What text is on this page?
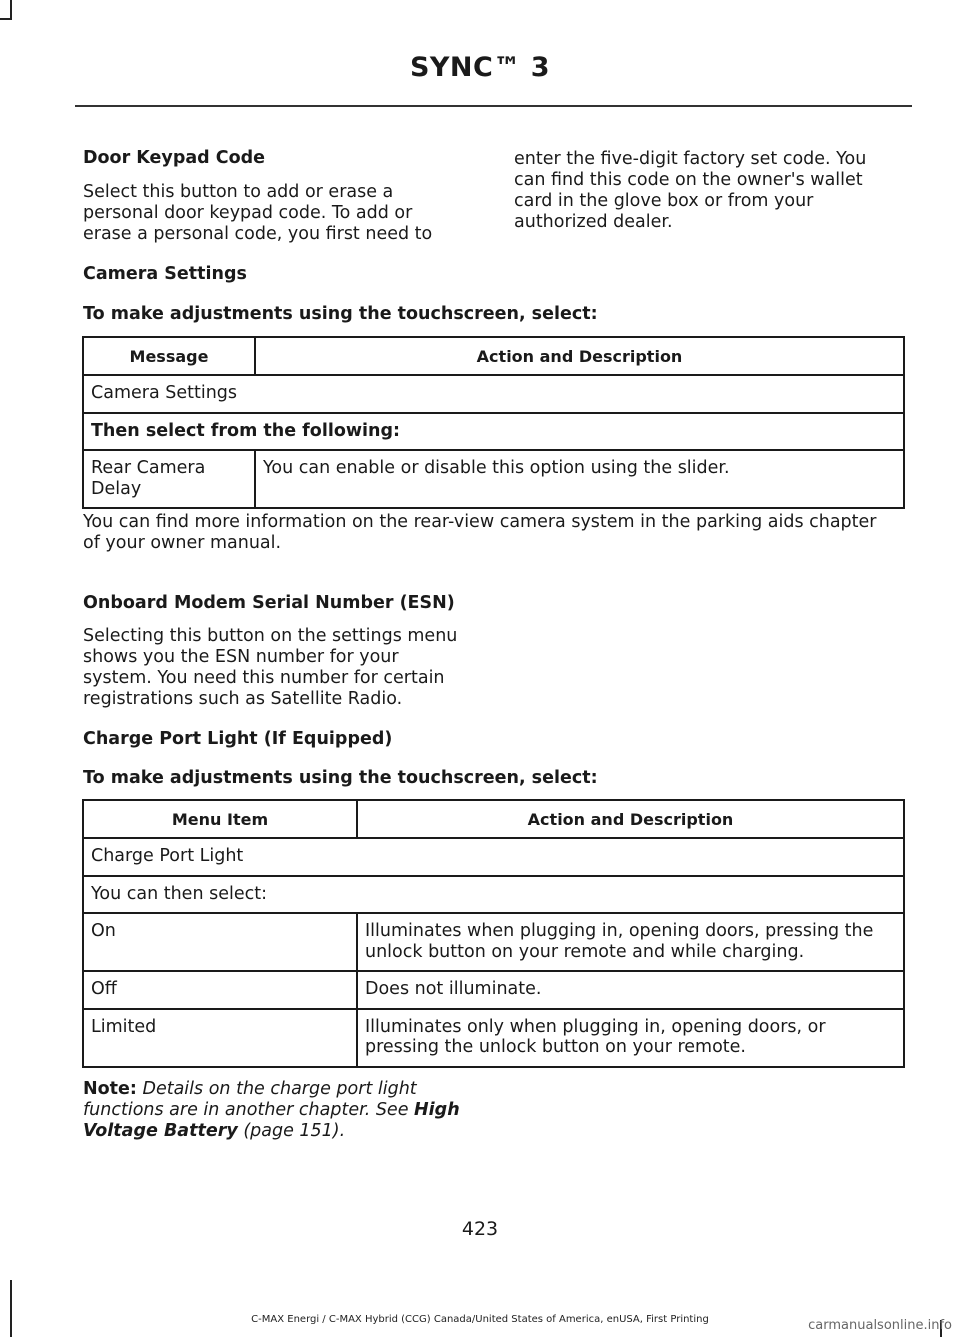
SYNC™ 3
Door Keypad Code
Select this button to add or erase a
personal door keypad code. To add or
erase a personal code, you first need to
enter the five-digit factory set code. You
can find this code on the owner's wallet
card in the glove box or from your
authorized dealer.
Camera Settings
To make adjustments using the touchscreen, select:
Message	Action and Description
Camera Settings	
Then select from the following:	

Rear Camera
Delay	You can enable or disable this option using the slider.
You can find more information on the rear-view camera system in the parking aids chapter
of your owner manual.
Onboard Modem Serial Number (ESN)
Selecting this button on the settings menu
shows you the ESN number for your
system. You need this number for certain
registrations such as Satellite Radio.
Charge Port Light (If Equipped)
To make adjustments using the touchscreen, select:
Menu Item	Action and Description
Charge Port Light	
You can then select:	
On	Illuminates when plugging in, opening doors, pressing the
unlock button on your remote and while charging.

Off	Does not illuminate.

Limited	Illuminates only when plugging in, opening doors, or
pressing the unlock button on your remote.
Note: Details on the charge port light
functions are in another chapter. See High
Voltage Battery (page 151).
423
C-MAX Energi / C-MAX Hybrid (CCG) Canada/United States of America, enUSA, First Printing	carmanualsonline.info
